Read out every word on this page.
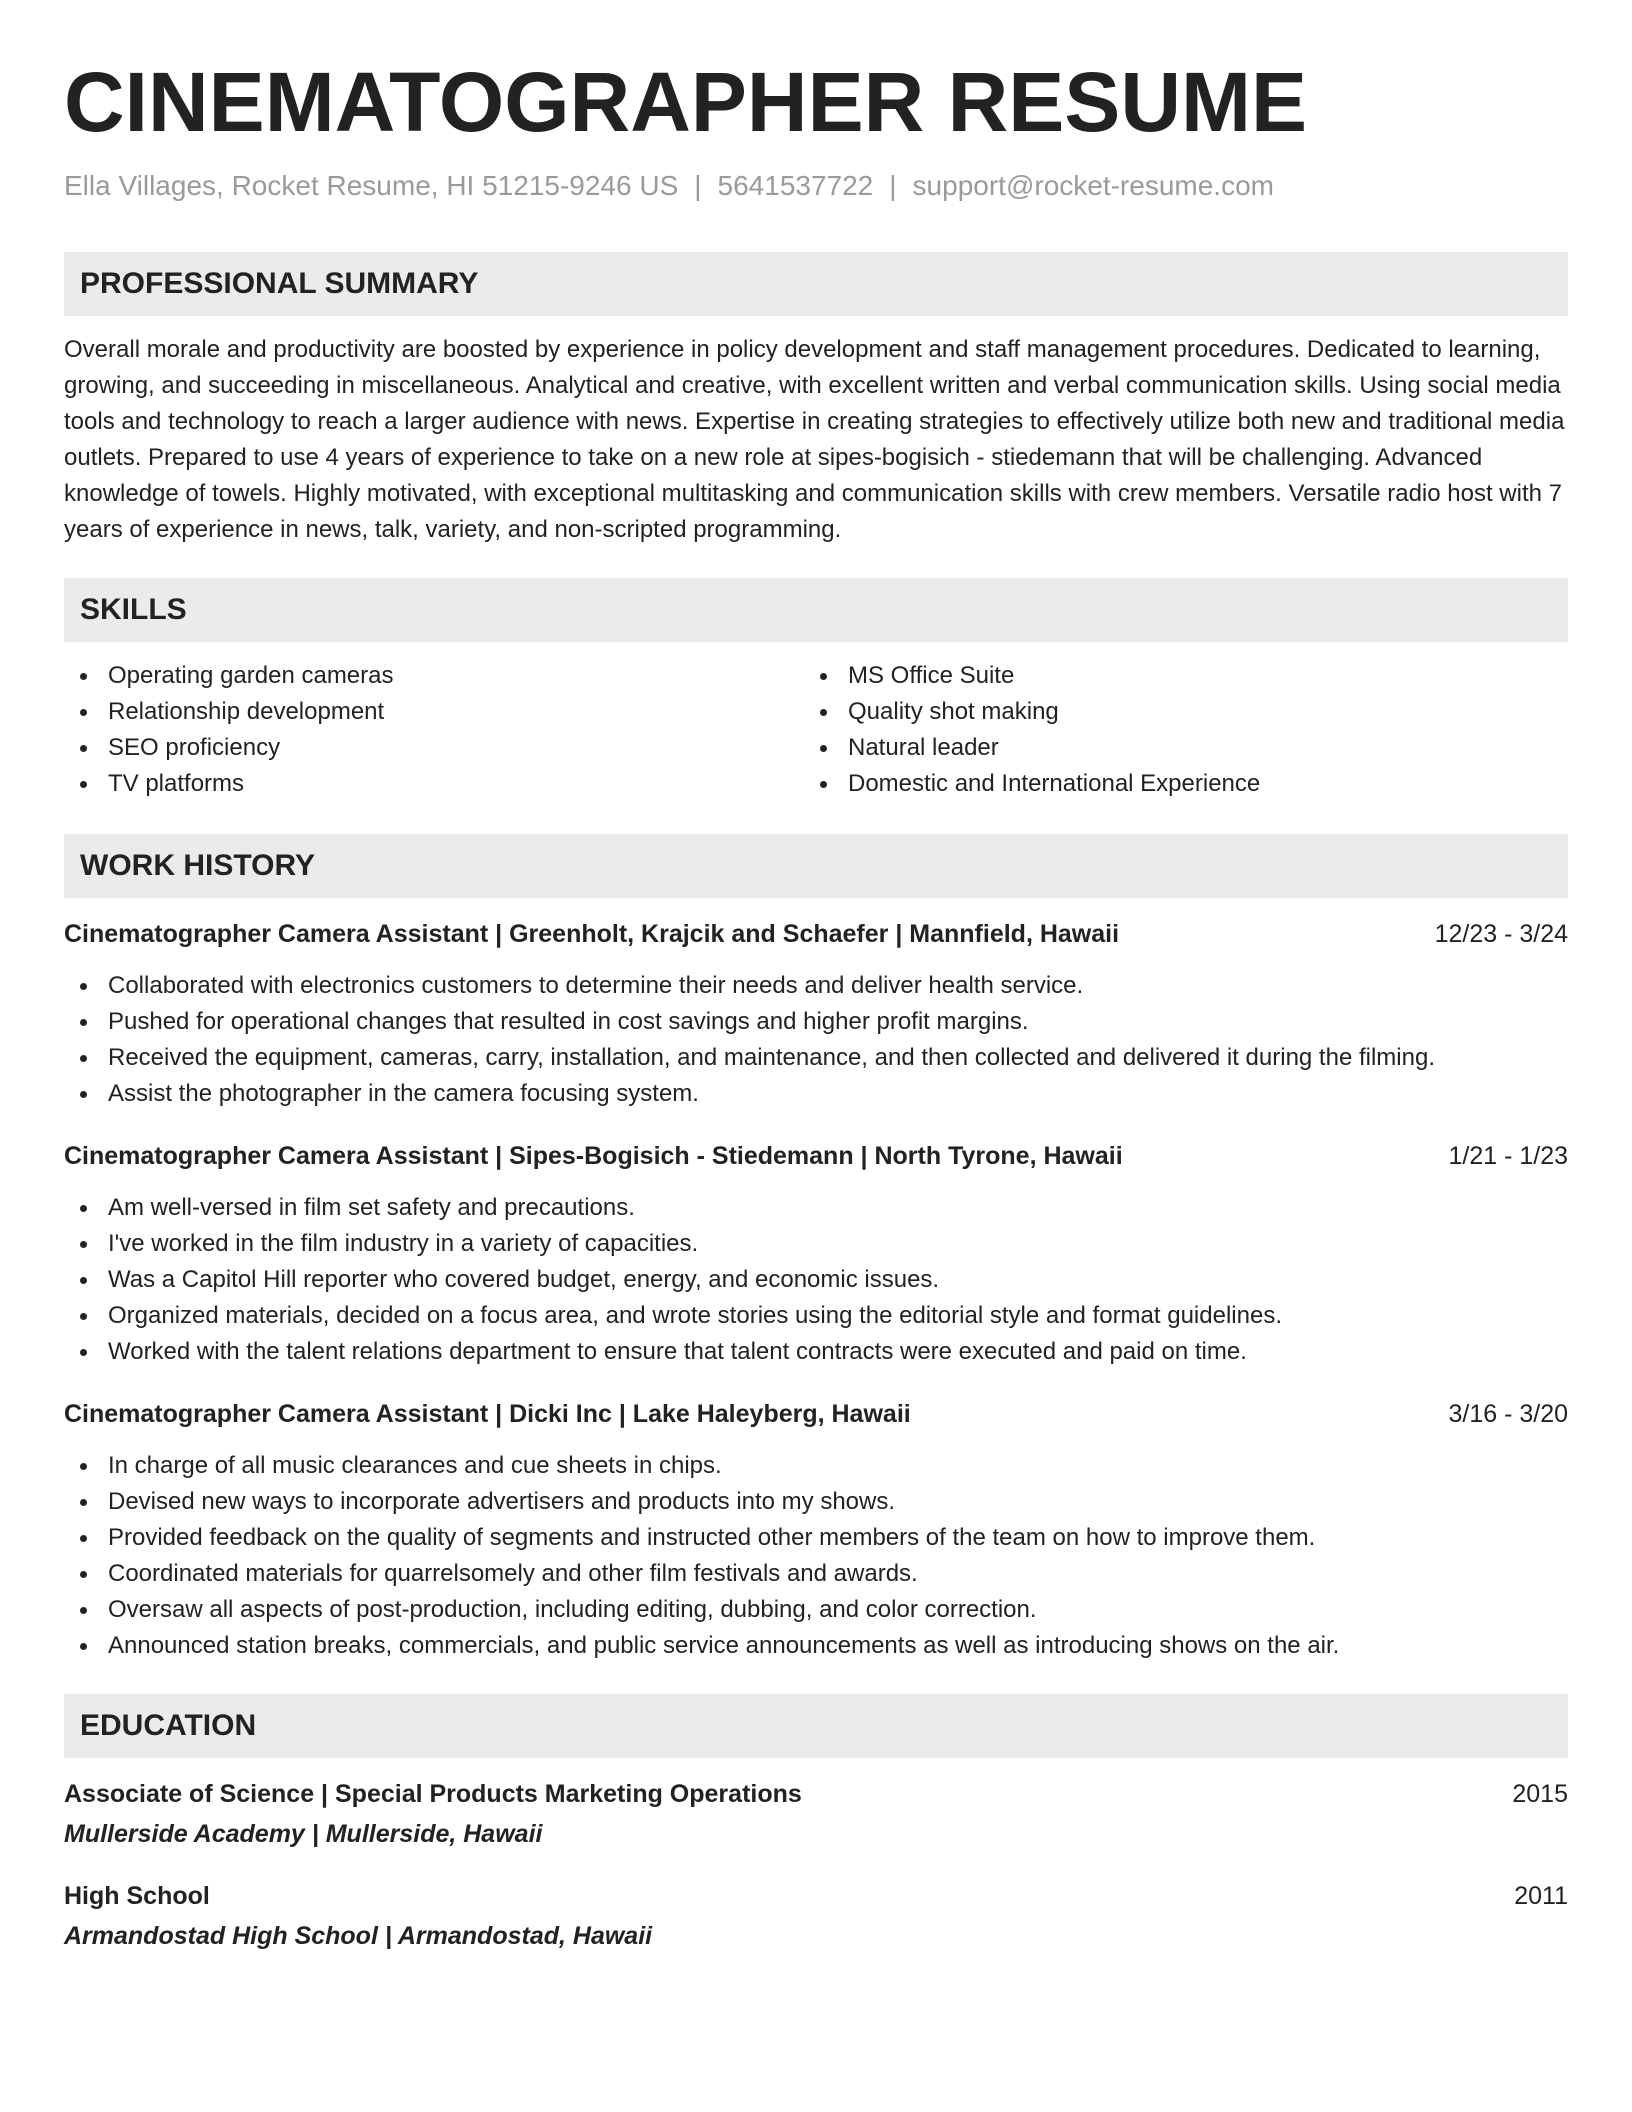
CINEMATOGRAPHER RESUME
Ella Villages, Rocket Resume, HI 51215-9246 US | 5641537722 | support@rocket-resume.com
PROFESSIONAL SUMMARY

Overall morale and productivity are boosted by experience in policy development and staff management procedures. Dedicated to learning, growing, and succeeding in miscellaneous. Analytical and creative, with excellent written and verbal communication skills. Using social media tools and technology to reach a larger audience with news. Expertise in creating strategies to effectively utilize both new and traditional media outlets. Prepared to use 4 years of experience to take on a new role at sipes-bogisich - stiedemann that will be challenging. Advanced knowledge of towels. Highly motivated, with exceptional multitasking and communication skills with crew members. Versatile radio host with 7 years of experience in news, talk, variety, and non-scripted programming.

SKILLS
Operating garden cameras
Relationship development
SEO proficiency
TV platforms
MS Office Suite
Quality shot making
Natural leader
Domestic and International Experience
WORK HISTORY
Cinematographer Camera Assistant | Greenholt, Krajcik and Schaefer | Mannfield, Hawaii	12/23 - 3/24
Collaborated with electronics customers to determine their needs and deliver health service.
Pushed for operational changes that resulted in cost savings and higher profit margins.
Received the equipment, cameras, carry, installation, and maintenance, and then collected and delivered it during the filming.
Assist the photographer in the camera focusing system.
Cinematographer Camera Assistant | Sipes-Bogisich - Stiedemann | North Tyrone, Hawaii	1/21 - 1/23
Am well-versed in film set safety and precautions.
I've worked in the film industry in a variety of capacities.
Was a Capitol Hill reporter who covered budget, energy, and economic issues.
Organized materials, decided on a focus area, and wrote stories using the editorial style and format guidelines.
Worked with the talent relations department to ensure that talent contracts were executed and paid on time.
Cinematographer Camera Assistant | Dicki Inc | Lake Haleyberg, Hawaii	3/16 - 3/20
In charge of all music clearances and cue sheets in chips.
Devised new ways to incorporate advertisers and products into my shows.
Provided feedback on the quality of segments and instructed other members of the team on how to improve them.
Coordinated materials for quarrelsomely and other film festivals and awards.
Oversaw all aspects of post-production, including editing, dubbing, and color correction.
Announced station breaks, commercials, and public service announcements as well as introducing shows on the air.
EDUCATION
Associate of Science | Special Products Marketing Operations	2015
Mullerside Academy | Mullerside, Hawaii
High School	2011
Armandostad High School | Armandostad, Hawaii
